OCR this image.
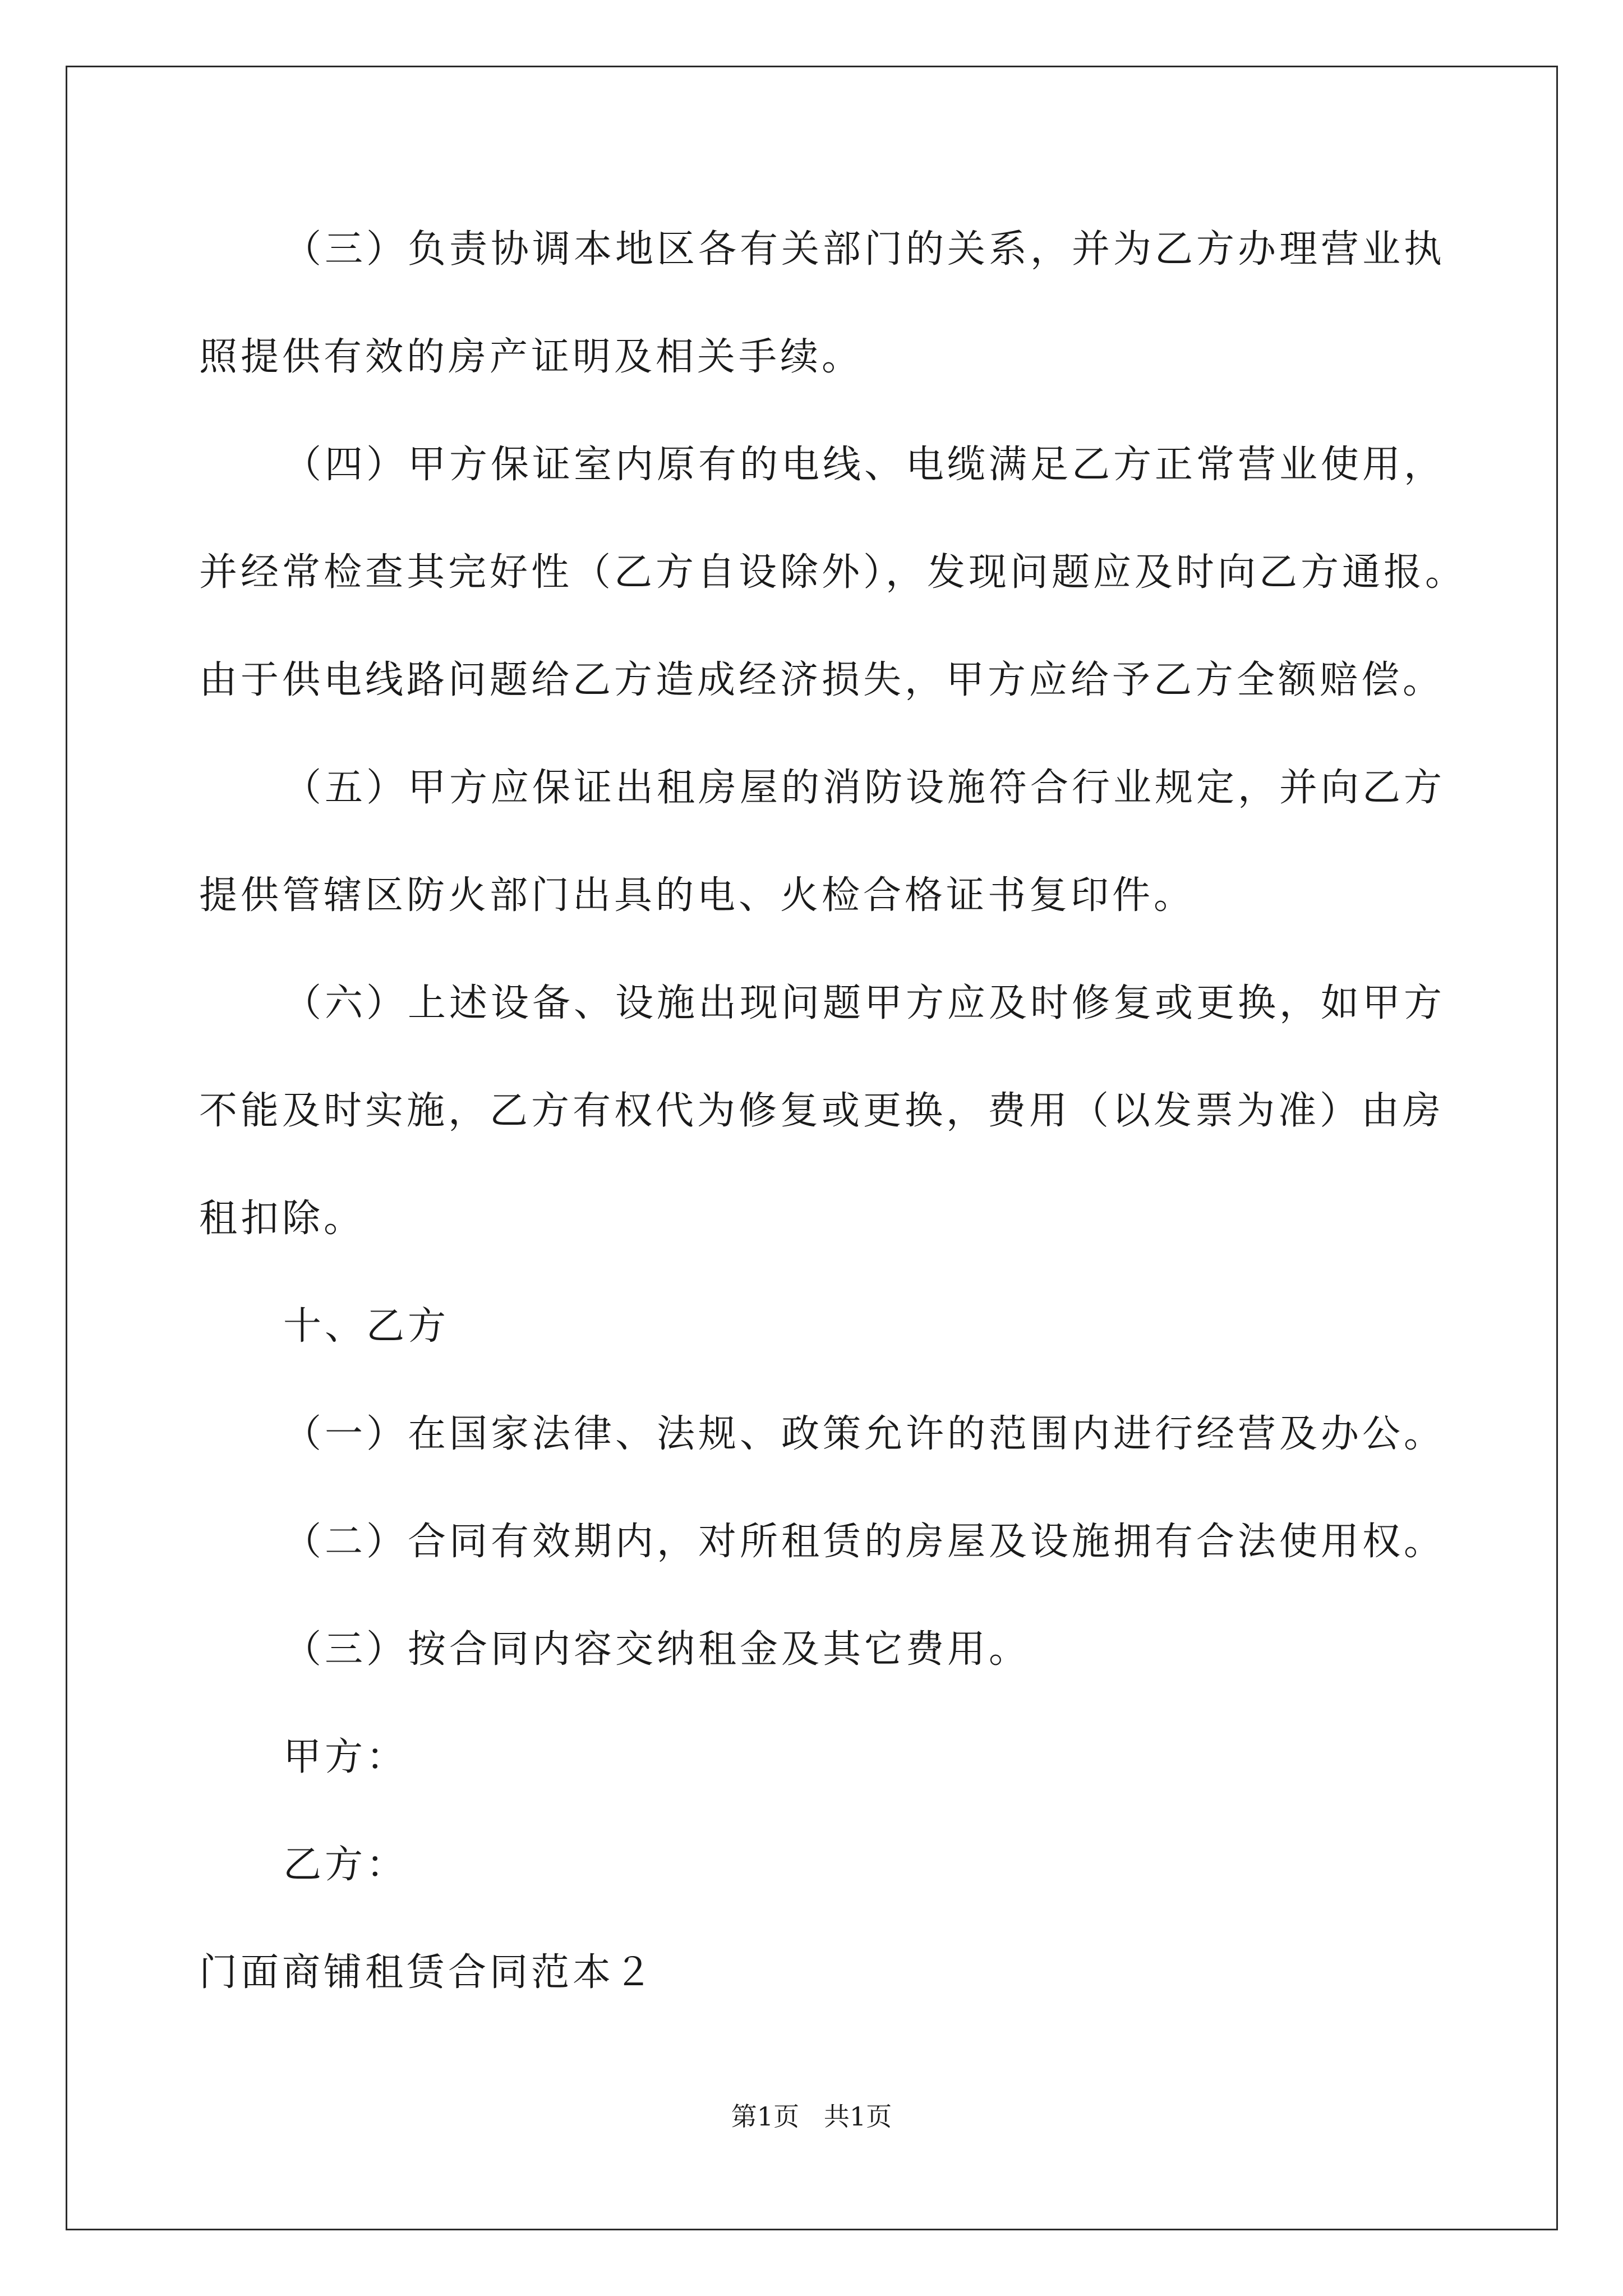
（三）负责协调本地区各有关部门的关系，并为乙方办理营业执

照提供有效的房产证明及相关手续。

（四）甲方保证室内原有的电线、电缆满足乙方正常营业使用，

并经常检查其完好性（乙方自设除外），发现问题应及时向乙方通报。

由于供电线路问题给乙方造成经济损失，甲方应给予乙方全额赔偿。

（五）甲方应保证出租房屋的消防设施符合行业规定，并向乙方

提供管辖区防火部门出具的电、火检合格证书复印件。

（六）上述设备、设施出现问题甲方应及时修复或更换，如甲方

不能及时实施，乙方有权代为修复或更换，费用（以发票为准）由房

租扣除。

十、乙方

（一）在国家法律、法规、政策允许的范围内进行经营及办公。

（二）合同有效期内，对所租赁的房屋及设施拥有合法使用权。

（三）按合同内容交纳租金及其它费用。

甲方：

乙方：

门面商铺租赁合同范本２

第1页   共1页
